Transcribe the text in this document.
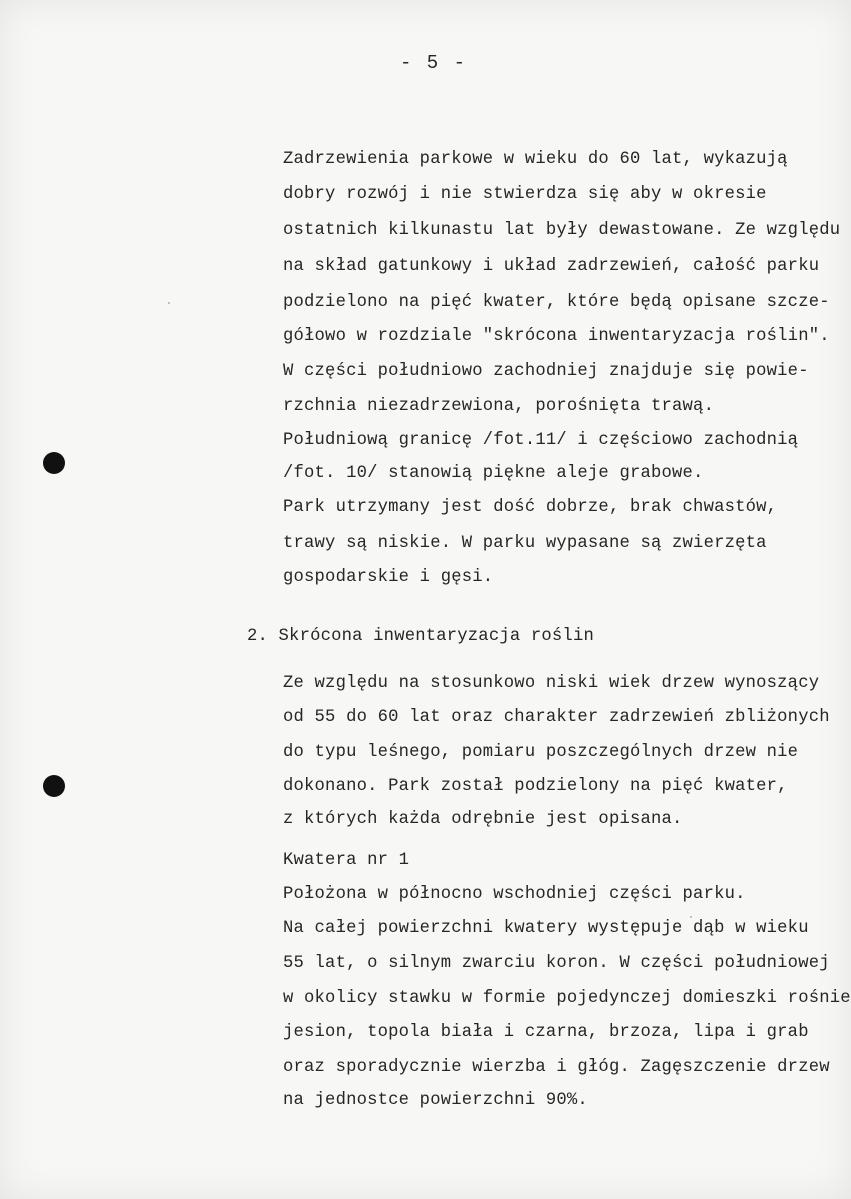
- 5 -
Zadrzewienia parkowe w wieku do 60 lat, wykazują
dobry rozwój i nie stwierdza się aby w okresie
ostatnich kilkunastu lat były dewastowane. Ze względu
na skład gatunkowy i układ zadrzewień, całość parku
podzielono na pięć kwater, które będą opisane szcze-
gółowo w rozdziale "skrócona inwentaryzacja roślin".
W części południowo zachodniej znajduje się powie-
rzchnia niezadrzewiona, porośnięta trawą.
Południową granicę /fot.11/ i częściowo zachodnią
/fot. 10/ stanowią piękne aleje grabowe.
Park utrzymany jest dość dobrze, brak chwastów,
trawy są niskie. W parku wypasane są zwierzęta
gospodarskie i gęsi.
2. Skrócona inwentaryzacja roślin
Ze względu na stosunkowo niski wiek drzew wynoszący
od 55 do 60 lat oraz charakter zadrzewień zbliżonych
do typu leśnego, pomiaru poszczególnych drzew nie
dokonano. Park został podzielony na pięć kwater,
z których każda odrębnie jest opisana.
Kwatera nr 1
Położona w północno wschodniej części parku.
Na całej powierzchni kwatery występuje dąb w wieku
55 lat, o silnym zwarciu koron. W części południowej
w okolicy stawku w formie pojedynczej domieszki rośnie
jesion, topola biała i czarna, brzoza, lipa i grab
oraz sporadycznie wierzba i głóg. Zagęszczenie drzew
na jednostce powierzchni 90%.
